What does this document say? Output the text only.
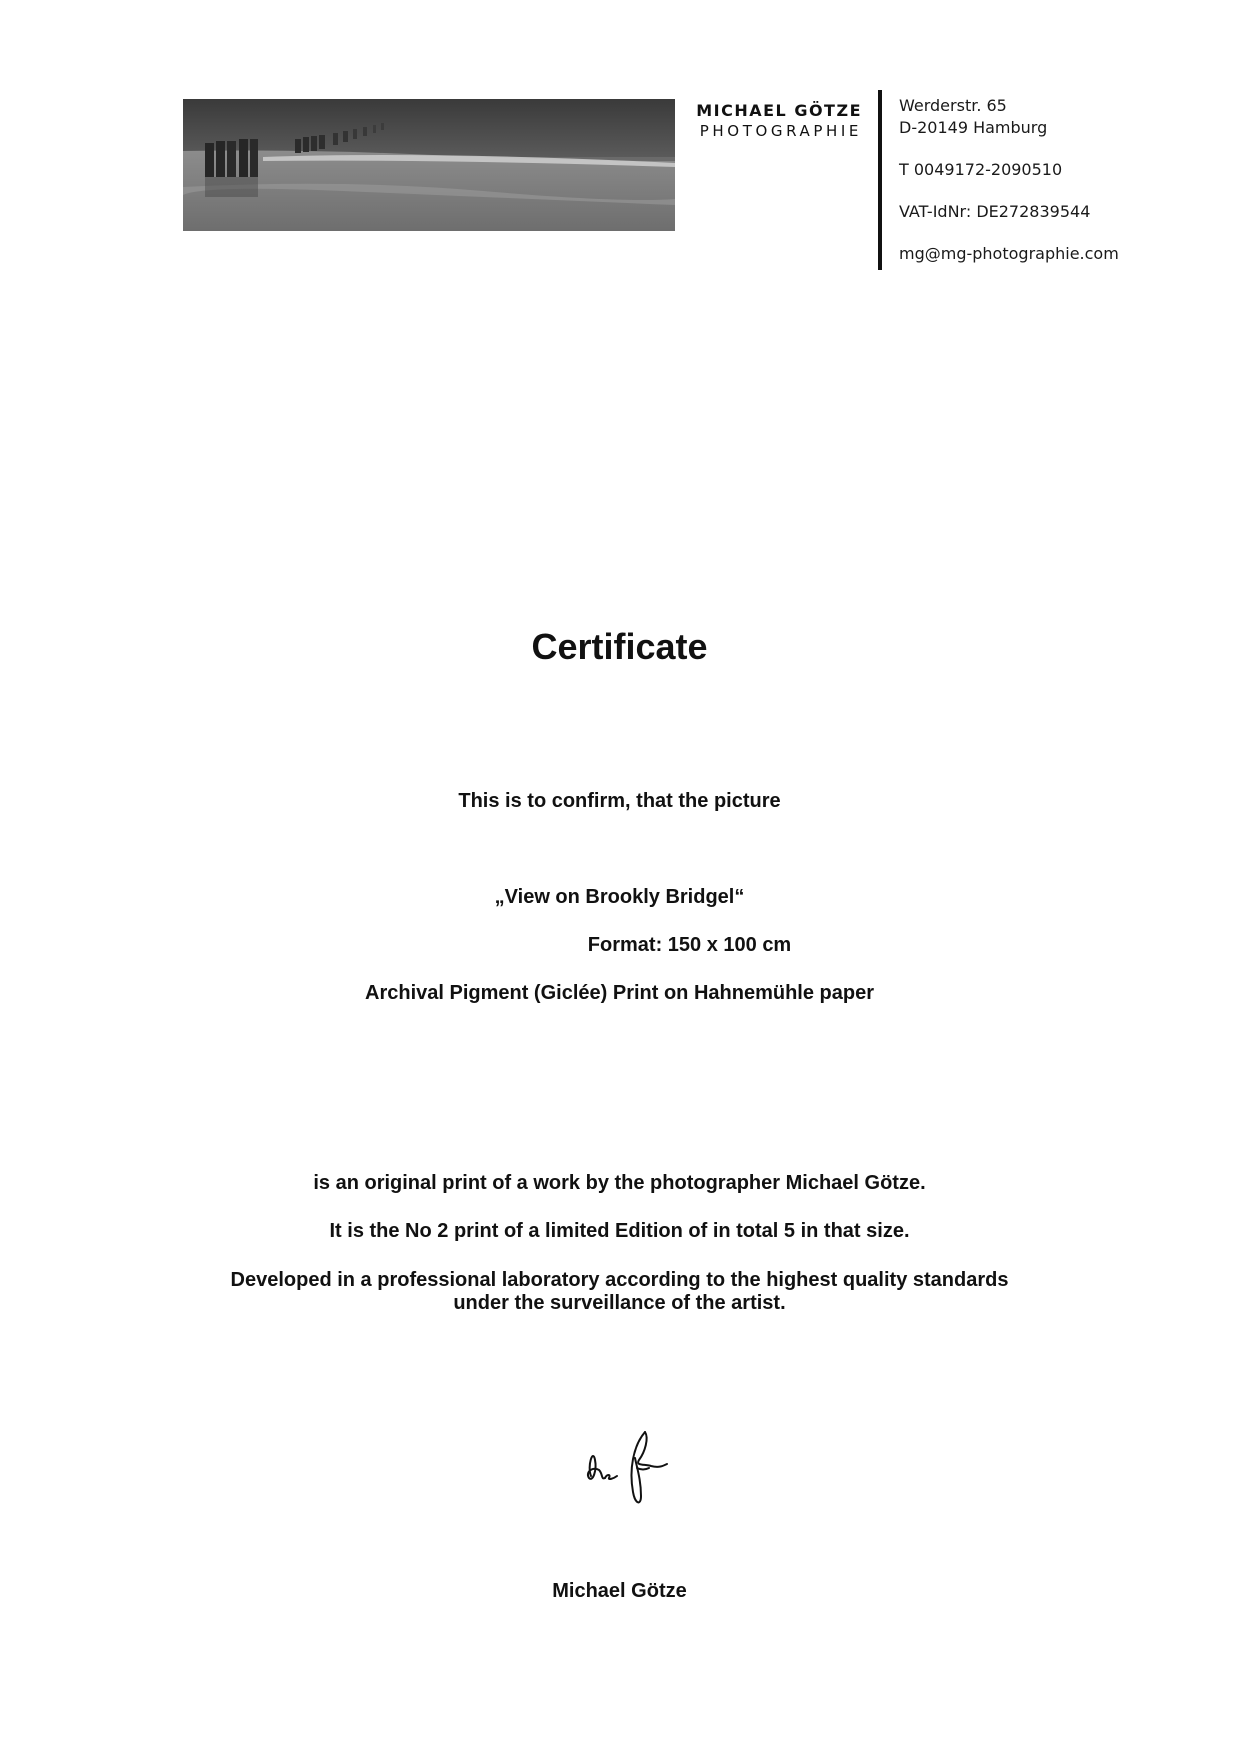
MICHAEL GÖTZE
PHOTOGRAPHIE
Werderstr. 65
D-20149 Hamburg
T 0049172-2090510
VAT-IdNr: DE272839544
mg@mg-photographie.com
Certificate
This is to confirm, that the picture
„View on Brookly Bridgel“
Format: 150 x 100 cm
Archival Pigment (Giclée) Print on Hahnemühle paper
is an original print of a work by the photographer Michael Götze.
It is the No 2 print of a limited Edition of in total 5 in that size.
Developed in a professional laboratory according to the highest quality standards
under the surveillance of the artist.
Michael Götze
